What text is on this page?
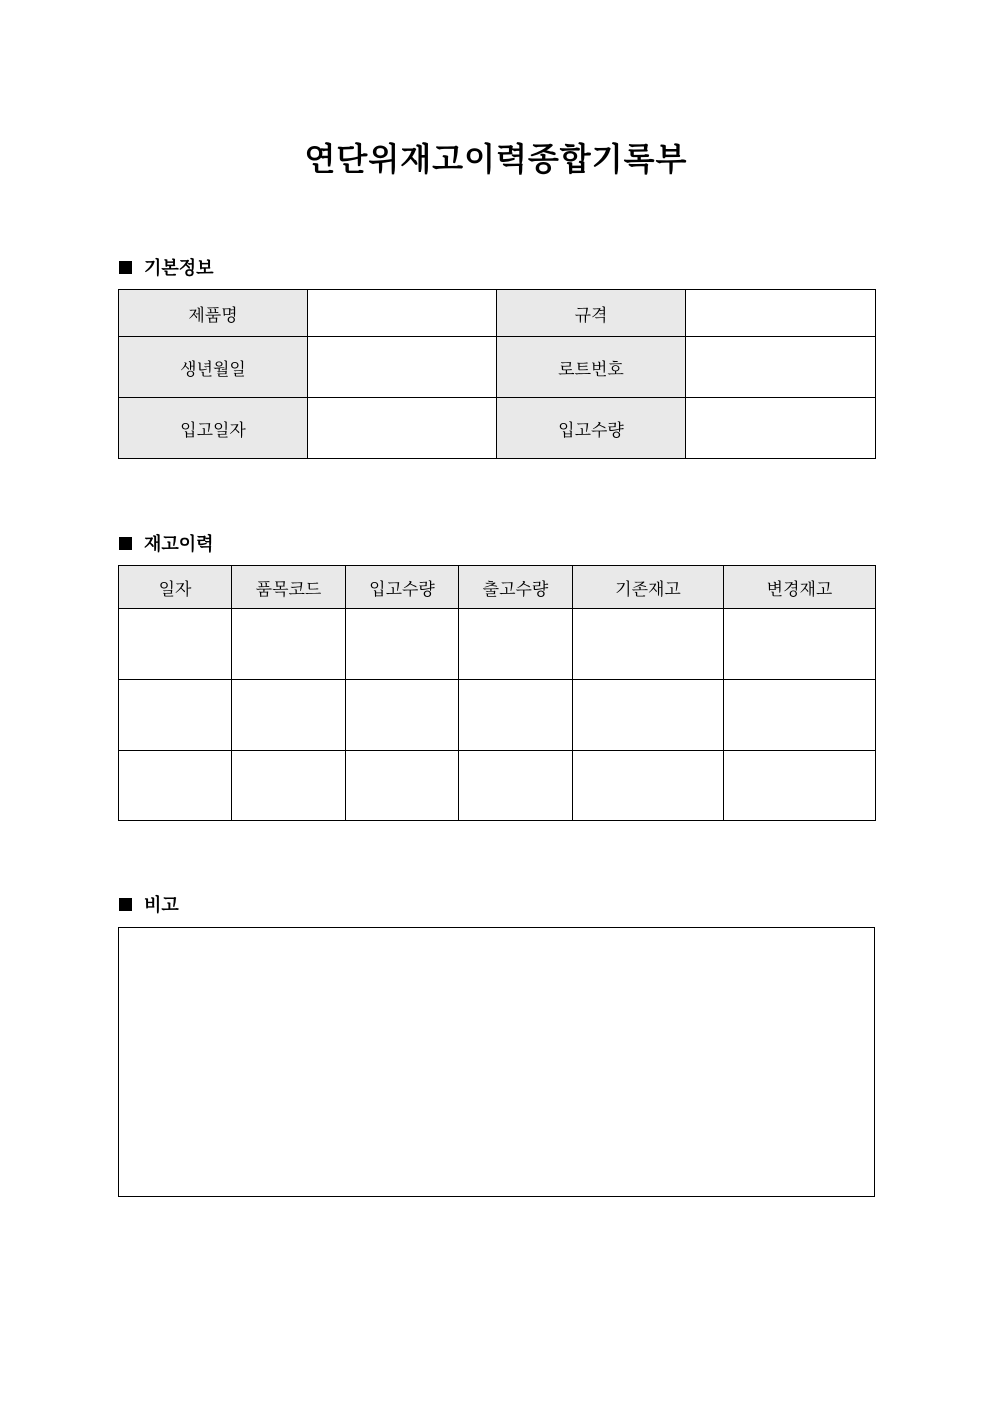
연단위재고이력종합기록부
기본정보
제품명		규격	
생년월일		로트번호	
입고일자		입고수량	
재고이력
일자	품목코드	입고수량	출고수량	기존재고	변경재고

비고
